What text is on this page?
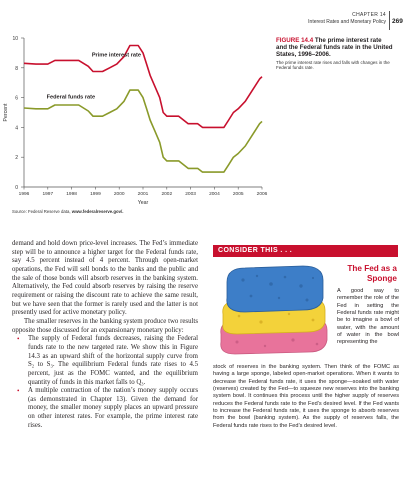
CHAPTER 14
Interest Rates and Monetary Policy 269
0
2
4
6
8
10
1996	1997	1998	1999	2000	2001	2002	2003	2004	2005	2006
Prime interest rate
Federal funds rate
Percent
Year
FIGURE 14.4 The prime interest rate and the Federal funds rate in the United States, 1996–2006.
The prime interest rate rises and falls with changes in the Federal funds rate.
Source: Federal Reserve data, www.federalreserve.gov/.

demand and hold down price-level increases. The Fed’s immediate step will be to announce a higher target for the Federal funds rate, say 4.5 percent instead of 4 percent. Through open-market operations, the Fed will sell bonds to the banks and the public and the sale of those bonds will absorb reserves in the banking system. Alternatively, the Fed could absorb reserves by raising the reserve requirement or raising the discount rate to achieve the same result, but we have seen that the former is rarely used and the latter is not presently used for active monetary policy.

The smaller reserves in the banking system produce two results opposite those discussed for an expansionary monetary policy:

• The supply of Federal funds decreases, raising the Federal funds rate to the new targeted rate. We show this in Figure 14.3 as an upward shift of the horizontal supply curve from S₂ to S₃. The equilibrium Federal funds rate rises to 4.5 percent, just as the FOMC wanted, and the equilibrium quantity of funds in this market falls to Q₃.
• A multiple contraction of the nation’s money supply occurs (as demonstrated in Chapter 13). Given the demand for money, the smaller money supply places an upward pressure on other interest rates. For example, the prime interest rate rises.
CONSIDER THIS . . .
The Fed as a Sponge
A good way to remember the role of the Fed in setting the Federal funds rate might be to imagine a bowl of water, with the amount of water in the bowl representing the
stock of reserves in the banking system. Then think of the FOMC as having a large sponge, labeled open-market operations. When it wants to decrease the Federal funds rate, it uses the sponge—soaked with water (reserves) created by the Fed—to squeeze new reserves into the banking system bowl. It continues this process until the higher supply of reserves reduces the Federal funds rate to the Fed’s desired level. If the Fed wants to increase the Federal funds rate, it uses the sponge to absorb reserves from the bowl (banking system). As the supply of reserves falls, the Federal funds rate rises to the Fed’s desired level.
